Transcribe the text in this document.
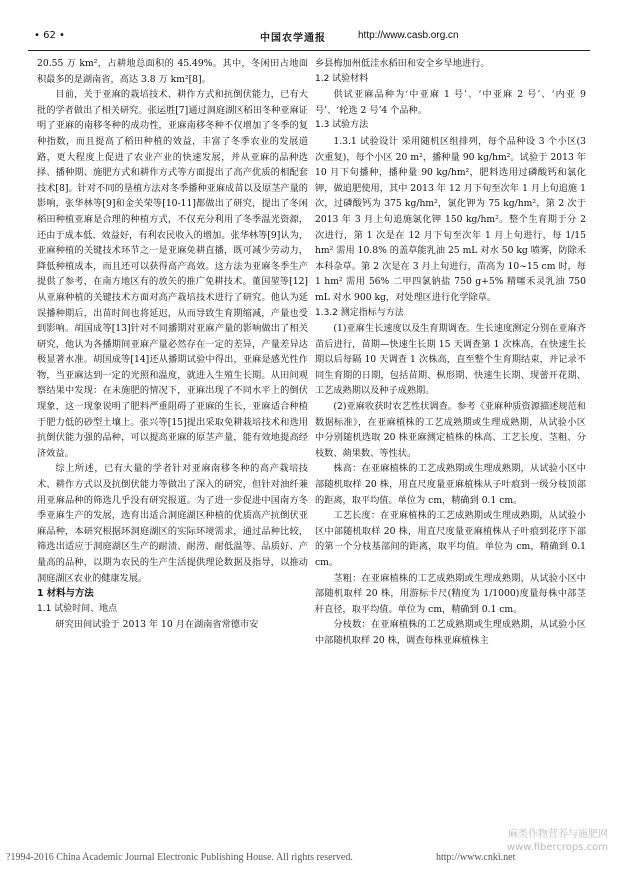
• 62 •	中国农学通报	http://www.casb.org.cn

20.55 万 km²，占耕地总面积的 45.49%。其中，冬闲田占地面积最多的是湖南省，高达 3.8 万 km²[8]。

目前，关于亚麻的栽培技术、耕作方式和抗倒伏能力，已有大批的学者做出了相关研究。张运胜[7]通过洞庭湖区稻田冬种亚麻证明了亚麻的南移冬种的成功性，亚麻南移冬种不仅增加了冬季的复种指数，而且提高了稻田种植的效益，丰富了冬季农业的发展道路，更大程度上促进了农业产业的快速发展，并从亚麻的品种选择、播种期、施肥方式和耕作方式等方面提出了高产优质的相配套技术[8]。针对不同的垦植方法对冬季播种亚麻成苗以及原茎产量的影响，张华林等[9]和金关荣等[10-11]都做出了研究，提出了冬闲稻田种植亚麻是合理的种植方式，不仅充分利用了冬季温光资源，还由于成本低、效益好，有利农民收入的增加。张华林等[9]认为，亚麻种植的关键技术环节之一是亚麻免耕直播，既可减少劳动力，降低种植成本，而且还可以获得高产高效。这方法为亚麻冬季生产提供了参考，在南方地区有的放矢的推广免耕技术。董国堃等[12]从亚麻种植的关键技术方面对高产栽培技术进行了研究。他认为延误播种期后，出苗时间也将延迟，从而导致生育期缩减，产量也受到影响。胡国成等[13]针对不同播期对亚麻产量的影响做出了相关研究，他认为各播期间亚麻产量必然存在一定的差异，产量差异达极显著水准。胡国成等[14]还从播期试验中得出，亚麻是感光性作物，当亚麻达到一定的光照和温度，就进入生殖生长期。从田间观察结果中发现：在未施肥的情况下，亚麻出现了不同水平上的倒伏现象，这一现象说明了肥料严重阻碍了亚麻的生长，亚麻适合种植于肥力低的砂型土壤上。张兴等[15]提出采取免耕栽培技术和选用抗倒伏能力强的品种，可以提高亚麻的原茎产量，能有效地提高经济效益。

综上所述，已有大量的学者针对亚麻南移冬种的高产栽培技术、耕作方式以及抗倒伏能力等做出了深入的研究，但针对油纤兼用亚麻品种的筛选几乎没有研究报道。为了进一步促进中国南方冬季亚麻生产的发展，选育出适合洞庭湖区种植的优质高产抗倒伏亚麻品种，本研究根据环洞庭湖区的实际环境需求，通过品种比较，筛选出适应于洞庭湖区生产的耐渍、耐涝、耐低温等、品质好、产量高的品种，以期为农民的生产生活提供理论数据及指导，以推动洞庭湖区农业的健康发展。

1 材料与方法
1.1 试验时间、地点

研究田间试验于 2013 年 10 月在湖南省常德市安

乡县梅加州低洼水稻田和安全乡旱地进行。

1.2 试验材料

供试亚麻品种为‘中亚麻 1 号’、‘中亚麻 2 号’、‘内亚 9 号’、‘轮选 2 号’4 个品种。

1.3 试验方法

1.3.1 试验设计 采用随机区组排列，每个品种设 3 个小区(3 次重复)，每个小区 20 m²，播种量 90 kg/hm²。试验于 2013 年 10 月下旬播种，播种量 90 kg/hm²，肥料选用过磷酸钙和氯化钾，做追肥使用，其中 2013 年 12 月下旬至次年 1 月上旬追施 1 次，过磷酸钙为 375 kg/hm²，氯化钾为 75 kg/hm²，第 2 次于 2013 年 3 月上旬追施氯化钾 150 kg/hm²。整个生育期于分 2 次进行，第 1 次是在 12 月下旬至次年 1 月上旬进行，每 1/15 hm² 需用 10.8% 的盖草能乳油 25 mL 对水 50 kg 喷雾，防除禾本科杂草。第 2 次是在 3 月上旬进行，苗高为 10~15 cm 时，每 1 hm² 需用 56% 二甲四氯钠盐 750 g+5% 精噻禾灵乳油 750 mL 对水 900 kg，对处理区进行化学除草。

1.3.2 测定指标与方法

(1)亚麻生长速度以及生育期调查。生长速度测定分别在亚麻齐苗后进行，苗期—快速生长期 15 天调查第 1 次株高，在快速生长期以后每隔 10 天调查 1 次株高，直至整个生育期结束，并记录不同生育期的日期，包括苗期、枞形期、快速生长期、现蕾开花期、工艺成熟期以及种子成熟期。

(2)亚麻收获时农艺性状调查。参考《亚麻种质资源描述规范和数据标准》，在亚麻植株的工艺成熟期或生理成熟期，从试验小区中分别随机选取 20 株亚麻测定植株的株高、工艺长度、茎粗、分枝数、蒴果数、等性状。

株高：在亚麻植株的工艺成熟期或生理成熟期，从试验小区中部随机取样 20 株，用直尺度量亚麻植株从子叶痕到一级分枝顶部的距离，取平均值。单位为 cm，精确到 0.1 cm。

工艺长度：在亚麻植株的工艺成熟期或生理成熟期，从试验小区中部随机取样 20 株，用直尺度量亚麻植株从子叶痕到花序下部的第一个分枝基部间的距离，取平均值。单位为 cm，精确到 0.1 cm。

茎粗：在亚麻植株的工艺成熟期或生理成熟期，从试验小区中部随机取样 20 株，用游标卡尺(精度为 1/1000)度量每株中部茎秆直径，取平均值。单位为 cm，精确到 0.1 cm。

分枝数：在亚麻植株的工艺成熟期或生理成熟期，从试验小区中部随机取样 20 株，调查每株亚麻植株主

麻类作物营养与施肥网
www.fibercrops.com
?1994-2016 China Academic Journal Electronic Publishing House. All rights reserved.	http://www.cnki.net
